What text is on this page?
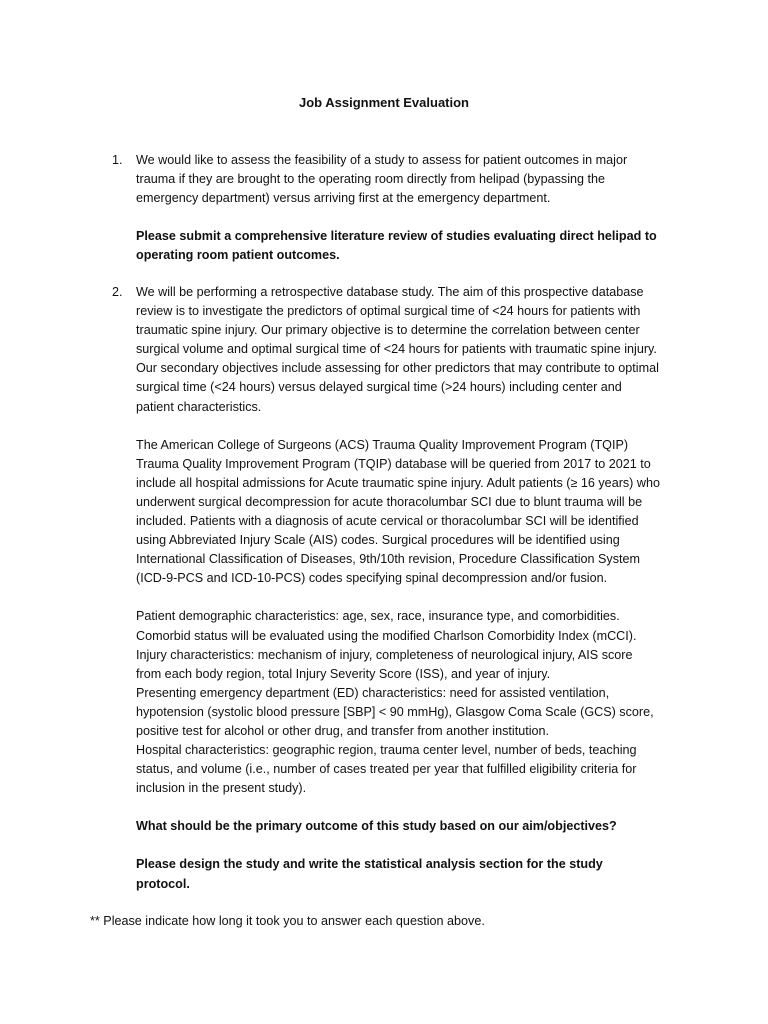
Job Assignment Evaluation
1.	We would like to assess the feasibility of a study to assess for patient outcomes in major trauma if they are brought to the operating room directly from helipad (bypassing the emergency department) versus arriving first at the emergency department.

Please submit a comprehensive literature review of studies evaluating direct helipad to operating room patient outcomes.

2.	We will be performing a retrospective database study. The aim of this prospective database review is to investigate the predictors of optimal surgical time of <24 hours for patients with traumatic spine injury. Our primary objective is to determine the correlation between center surgical volume and optimal surgical time of <24 hours for patients with traumatic spine injury. Our secondary objectives include assessing for other predictors that may contribute to optimal surgical time (<24 hours) versus delayed surgical time (>24 hours) including center and patient characteristics.

The American College of Surgeons (ACS) Trauma Quality Improvement Program (TQIP) Trauma Quality Improvement Program (TQIP) database will be queried from 2017 to 2021 to include all hospital admissions for Acute traumatic spine injury. Adult patients (≥ 16 years) who underwent surgical decompression for acute thoracolumbar SCI due to blunt trauma will be included. Patients with a diagnosis of acute cervical or thoracolumbar SCI will be identified using Abbreviated Injury Scale (AIS) codes. Surgical procedures will be identified using International Classification of Diseases, 9th/10th revision, Procedure Classification System (ICD-9-PCS and ICD-10-PCS) codes specifying spinal decompression and/or fusion.

Patient demographic characteristics: age, sex, race, insurance type, and comorbidities.

Comorbid status will be evaluated using the modified Charlson Comorbidity Index (mCCI).

Injury characteristics: mechanism of injury, completeness of neurological injury, AIS score from each body region, total Injury Severity Score (ISS), and year of injury.

Presenting emergency department (ED) characteristics: need for assisted ventilation, hypotension (systolic blood pressure [SBP] < 90 mmHg), Glasgow Coma Scale (GCS) score, positive test for alcohol or other drug, and transfer from another institution.

Hospital characteristics: geographic region, trauma center level, number of beds, teaching status, and volume (i.e., number of cases treated per year that fulfilled eligibility criteria for inclusion in the present study).

What should be the primary outcome of this study based on our aim/objectives?

Please design the study and write the statistical analysis section for the study protocol.

** Please indicate how long it took you to answer each question above.
